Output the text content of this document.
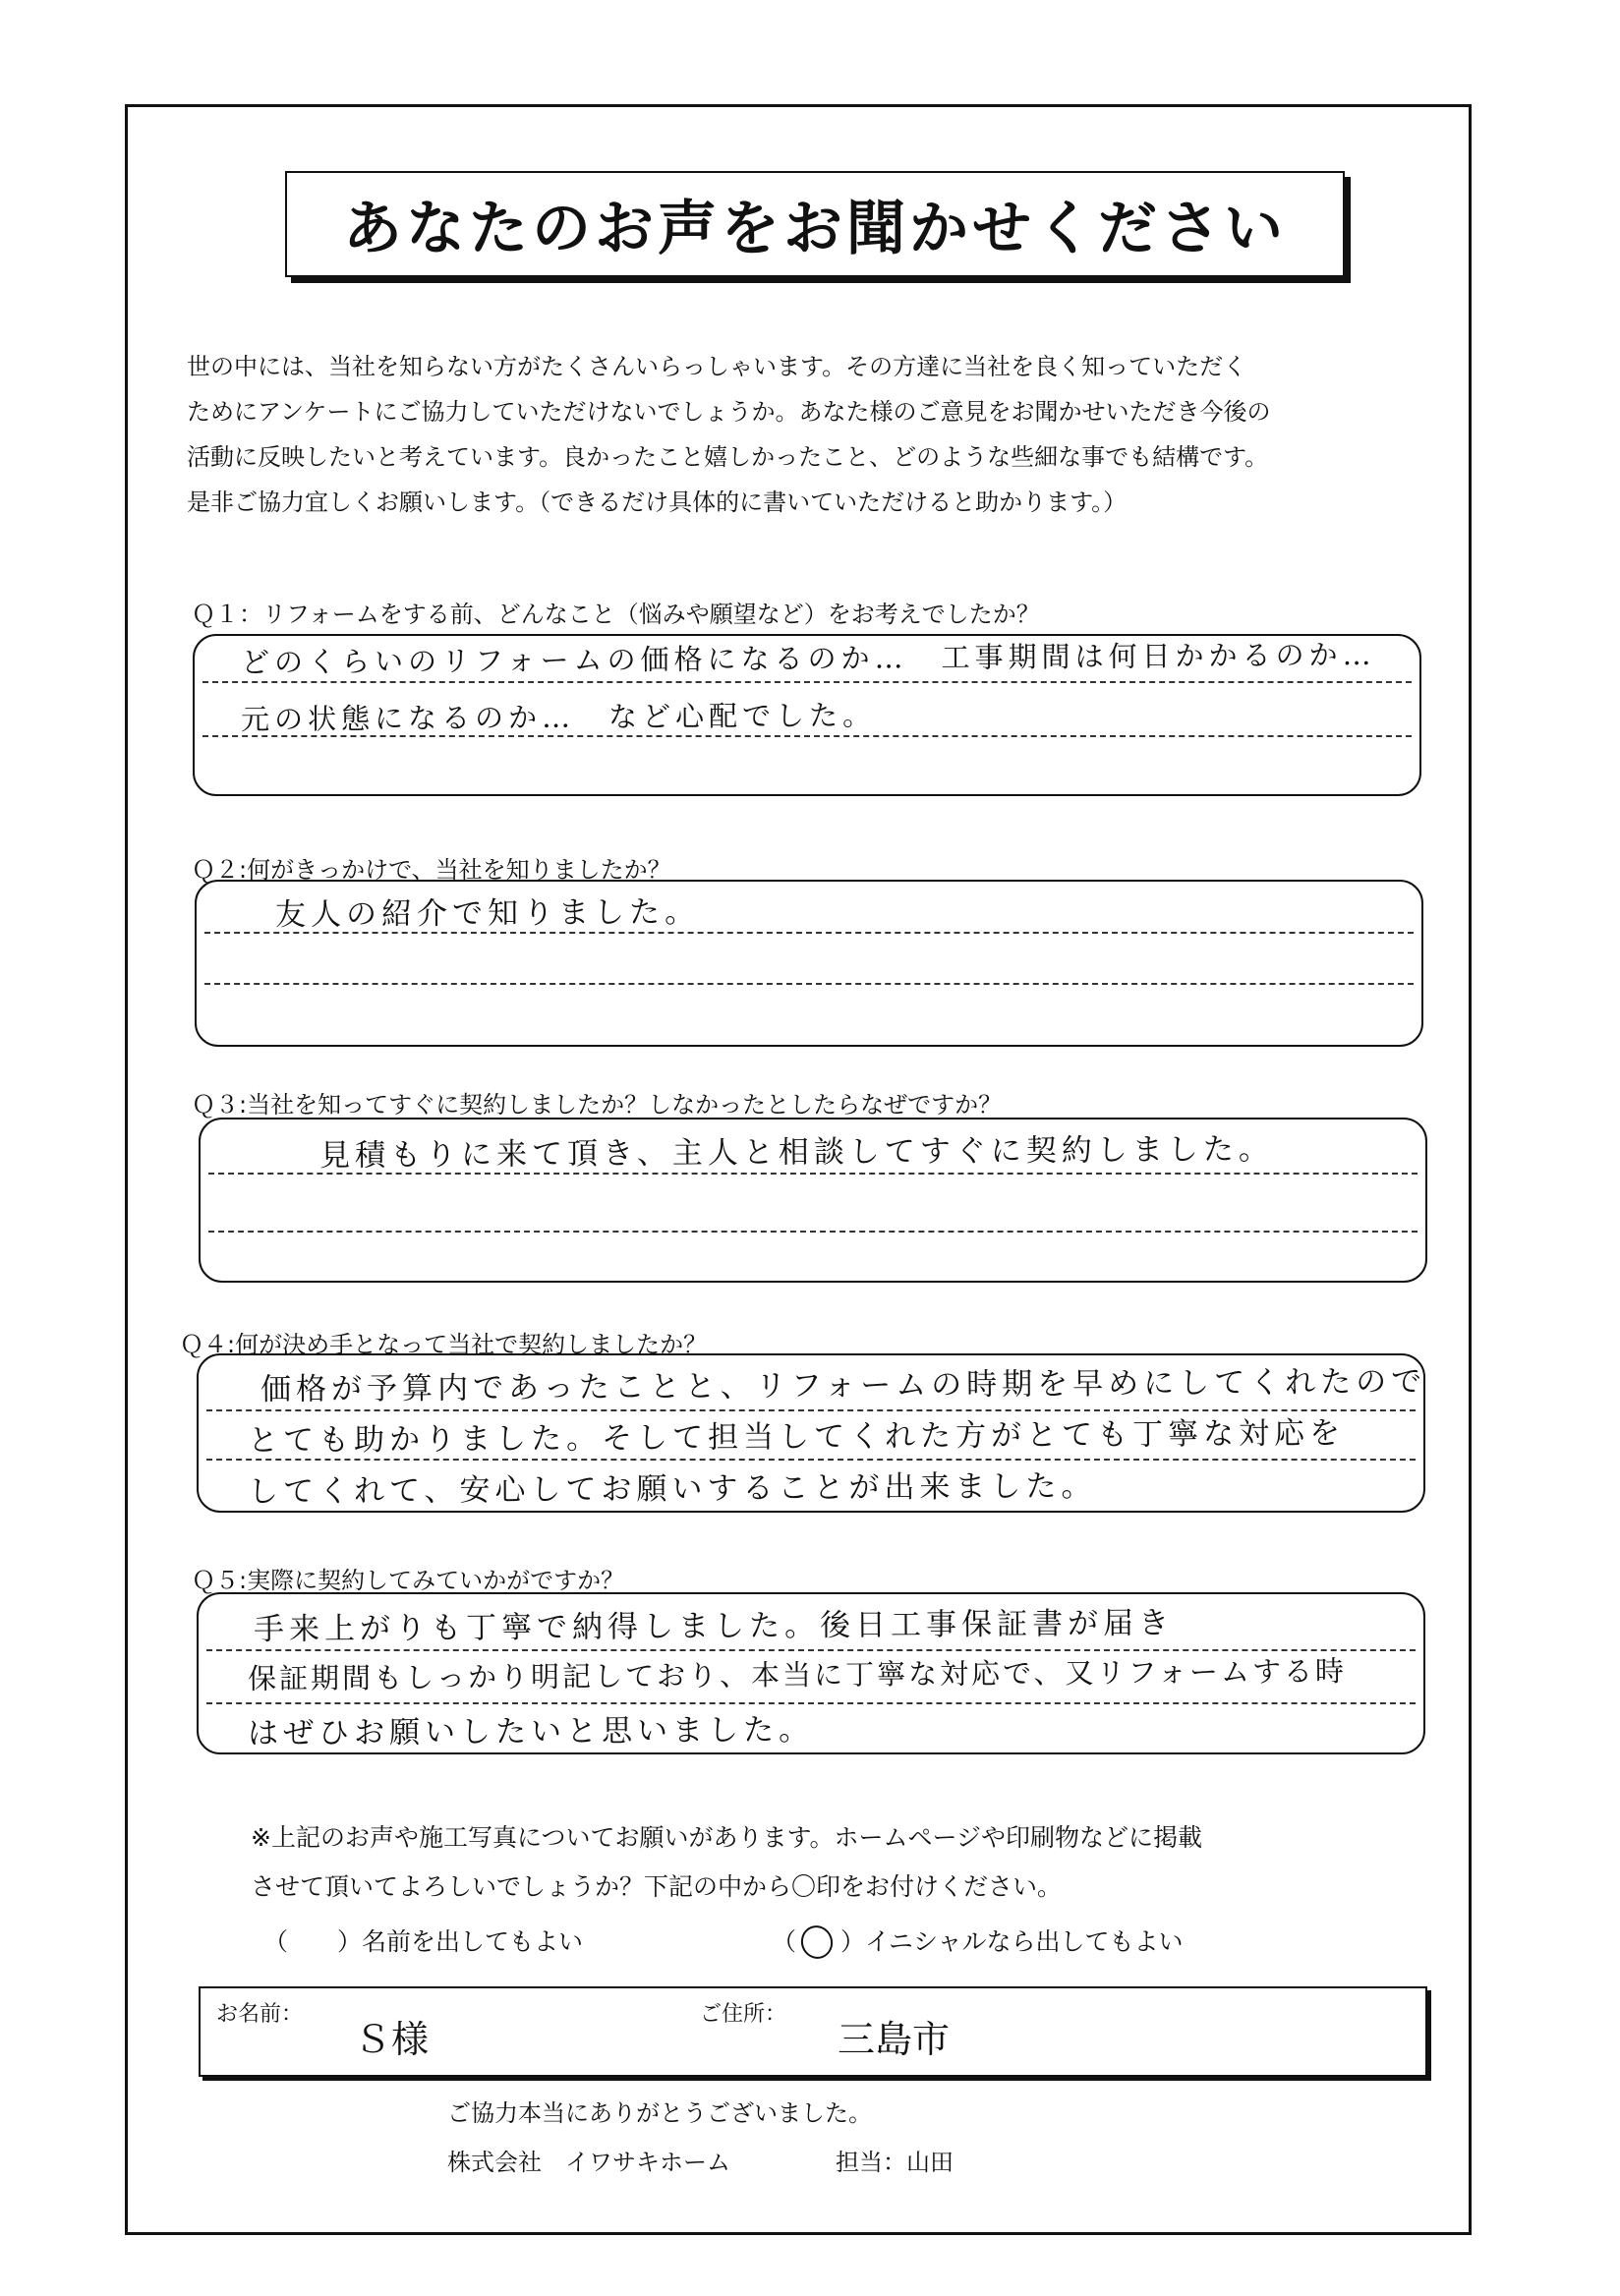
あなたのお声をお聞かせください
世の中には、当社を知らない方がたくさんいらっしゃいます。その方達に当社を良く知っていただく
ためにアンケートにご協力していただけないでしょうか。あなた様のご意見をお聞かせいただき今後の
活動に反映したいと考えています。良かったこと嬉しかったこと、どのような些細な事でも結構です。
是非ご協力宜しくお願いします。（できるだけ具体的に書いていただけると助かります。）
Ｑ１：リフォームをする前、どんなこと（悩みや願望など）をお考えでしたか？
どのくらいのリフォームの価格になるのか…　工事期間は何日かかるのか…
元の状態になるのか…　など心配でした。
Ｑ２:何がきっかけで、当社を知りましたか？
友人の紹介で知りました。
Ｑ３:当社を知ってすぐに契約しましたか？しなかったとしたらなぜですか？
見積もりに来て頂き、主人と相談してすぐに契約しました。
Ｑ４:何が決め手となって当社で契約しましたか？
価格が予算内であったことと、リフォームの時期を早めにしてくれたので
とても助かりました。そして担当してくれた方がとても丁寧な対応を
してくれて、安心してお願いすることが出来ました。
Ｑ５:実際に契約してみていかがですか？
手来上がりも丁寧で納得しました。後日工事保証書が届き
保証期間もしっかり明記しており、本当に丁寧な対応で、又リフォームする時
はぜひお願いしたいと思いました。
※上記のお声や施工写真についてお願いがあります。ホームページや印刷物などに掲載
させて頂いてよろしいでしょうか？下記の中から〇印をお付けください。
（　　）名前を出してもよい	（ ）イニシャルなら出してもよい
お名前：
Ｓ様
ご住所：
三島市
ご協力本当にありがとうございました。
株式会社　イワサキホーム	担当：山田
